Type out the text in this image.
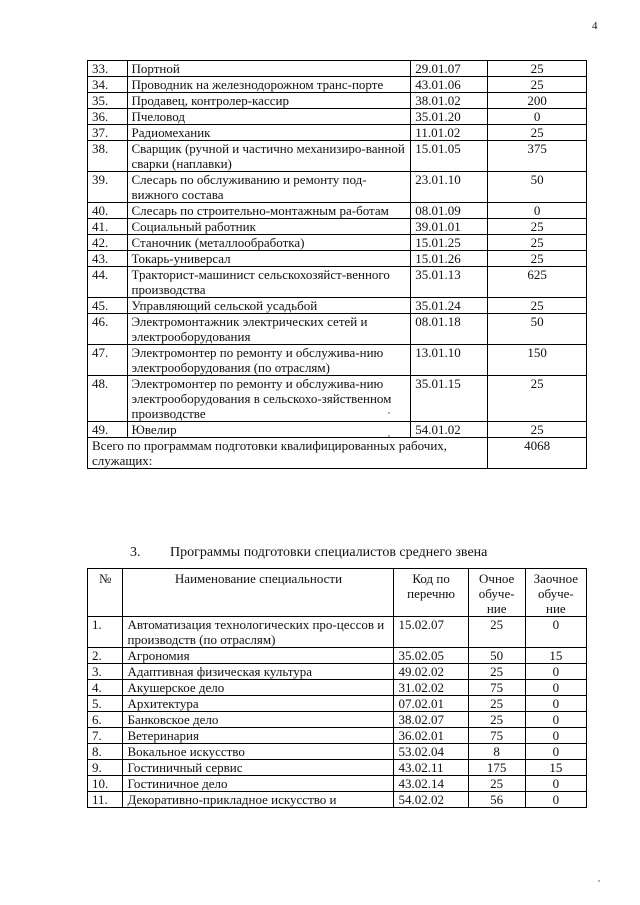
4
33.	Портной	29.01.07	25
34.	Проводник на железнодорожном транс-порте	43.01.06	25
35.	Продавец, контролер-кассир	38.01.02	200
36.	Пчеловод	35.01.20	0
37.	Радиомеханик	11.01.02	25
38.	Сварщик (ручной и частично механизиро-ванной сварки (наплавки)	15.01.05	375
39.	Слесарь по обслуживанию и ремонту под-вижного состава	23.01.10	50
40.	Слесарь по строительно-монтажным ра-ботам	08.01.09	0
41.	Социальный работник	39.01.01	25
42.	Станочник (металлообработка)	15.01.25	25
43.	Токарь-универсал	15.01.26	25
44.	Тракторист-машинист сельскохозяйст-венного производства	35.01.13	625
45.	Управляющий сельской усадьбой	35.01.24	25
46.	Электромонтажник электрических сетей и электрооборудования	08.01.18	50
47.	Электромонтер по ремонту и обслужива-нию электрооборудования (по отраслям)	13.01.10	150
48.	Электромонтер по ремонту и обслужива-нию электрооборудования в сельскохо-зяйственном производстве	35.01.15	25
49.	Ювелир	54.01.02	25
Всего по программам подготовки квалифицированных рабочих, служащих:			4068
3. Программы подготовки специалистов среднего звена
№	Наименование специальности	Код по перечню	Очное обуче-ние	Заочное обуче-ние
1.	Автоматизация технологических про-цессов и производств (по отраслям)	15.02.07	25	0
2.	Агрономия	35.02.05	50	15
3.	Адаптивная физическая культура	49.02.02	25	0
4.	Акушерское дело	31.02.02	75	0
5.	Архитектура	07.02.01	25	0
6.	Банковское дело	38.02.07	25	0
7.	Ветеринария	36.02.01	75	0
8.	Вокальное искусство	53.02.04	8	0
9.	Гостиничный сервис	43.02.11	175	15
10.	Гостиничное дело	43.02.14	25	0
11.	Декоративно-прикладное искусство и	54.02.02	56	0
